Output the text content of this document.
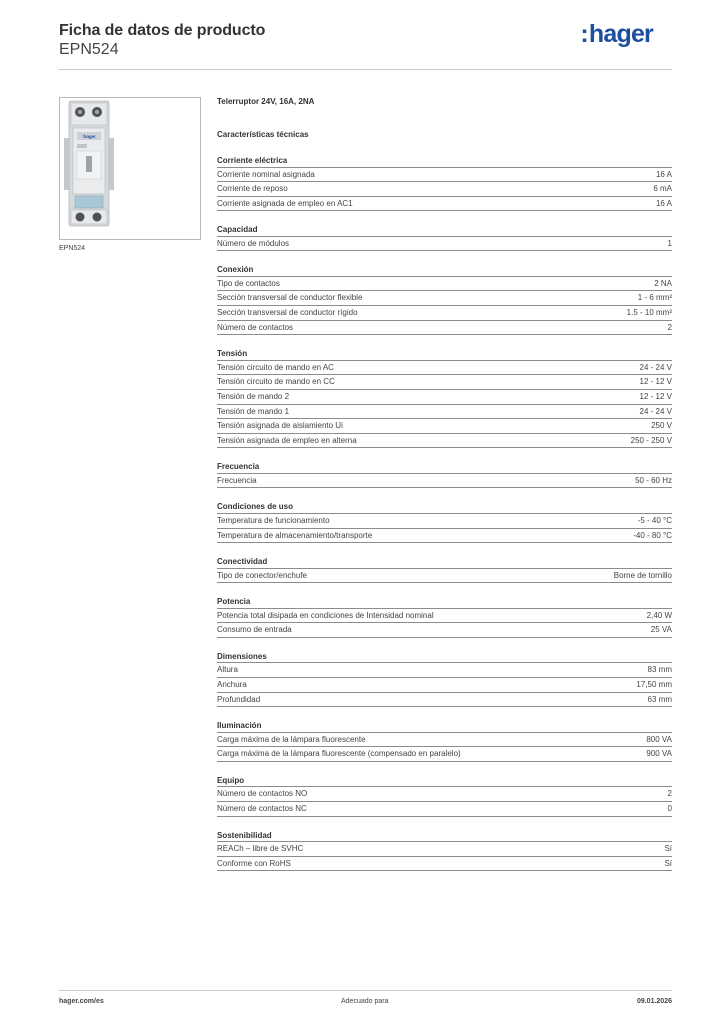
Ficha de datos de producto
EPN524
:hager
:hager
EPN524
Telerruptor 24V, 16A, 2NA
Características técnicas
Corriente eléctrica
Corriente nominal asignada	16 A
Corriente de reposo	6 mA
Corriente asignada de empleo en AC1	16 A
Capacidad
Número de módulos	1
Conexión
Tipo de contactos	2 NA
Sección transversal de conductor flexible	1 - 6 mm²
Sección transversal de conductor rígido	1.5 - 10 mm²
Número de contactos	2
Tensión
Tensión circuito de mando en AC	24 - 24 V
Tensión circuito de mando en CC	12 - 12 V
Tensión de mando 2	12 - 12 V
Tensión de mando 1	24 - 24 V
Tensión asignada de aislamiento Ui	250 V
Tensión asignada de empleo en alterna	250 - 250 V
Frecuencia
Frecuencia	50 - 60 Hz
Condiciones de uso
Temperatura de funcionamiento	-5 - 40 °C
Temperatura de almacenamiento/transporte	-40 - 80 °C
Conectividad
Tipo de conector/enchufe	Borne de tornillo
Potencia
Potencia total disipada en condiciones de Intensidad nominal	2,40 W
Consumo de entrada	25 VA
Dimensiones
Altura	83 mm
Anchura	17,50 mm
Profundidad	63 mm
Iluminación
Carga máxima de la lámpara fluorescente	800 VA
Carga máxima de la lámpara fluorescente (compensado en paralelo)	900 VA
Equipo
Número de contactos NO	2
Número de contactos NC	0
Sostenibilidad
REACh – libre de SVHC	Sí
Conforme con RoHS	Sí
hager.com/es	Adecuado para	09.01.2026
